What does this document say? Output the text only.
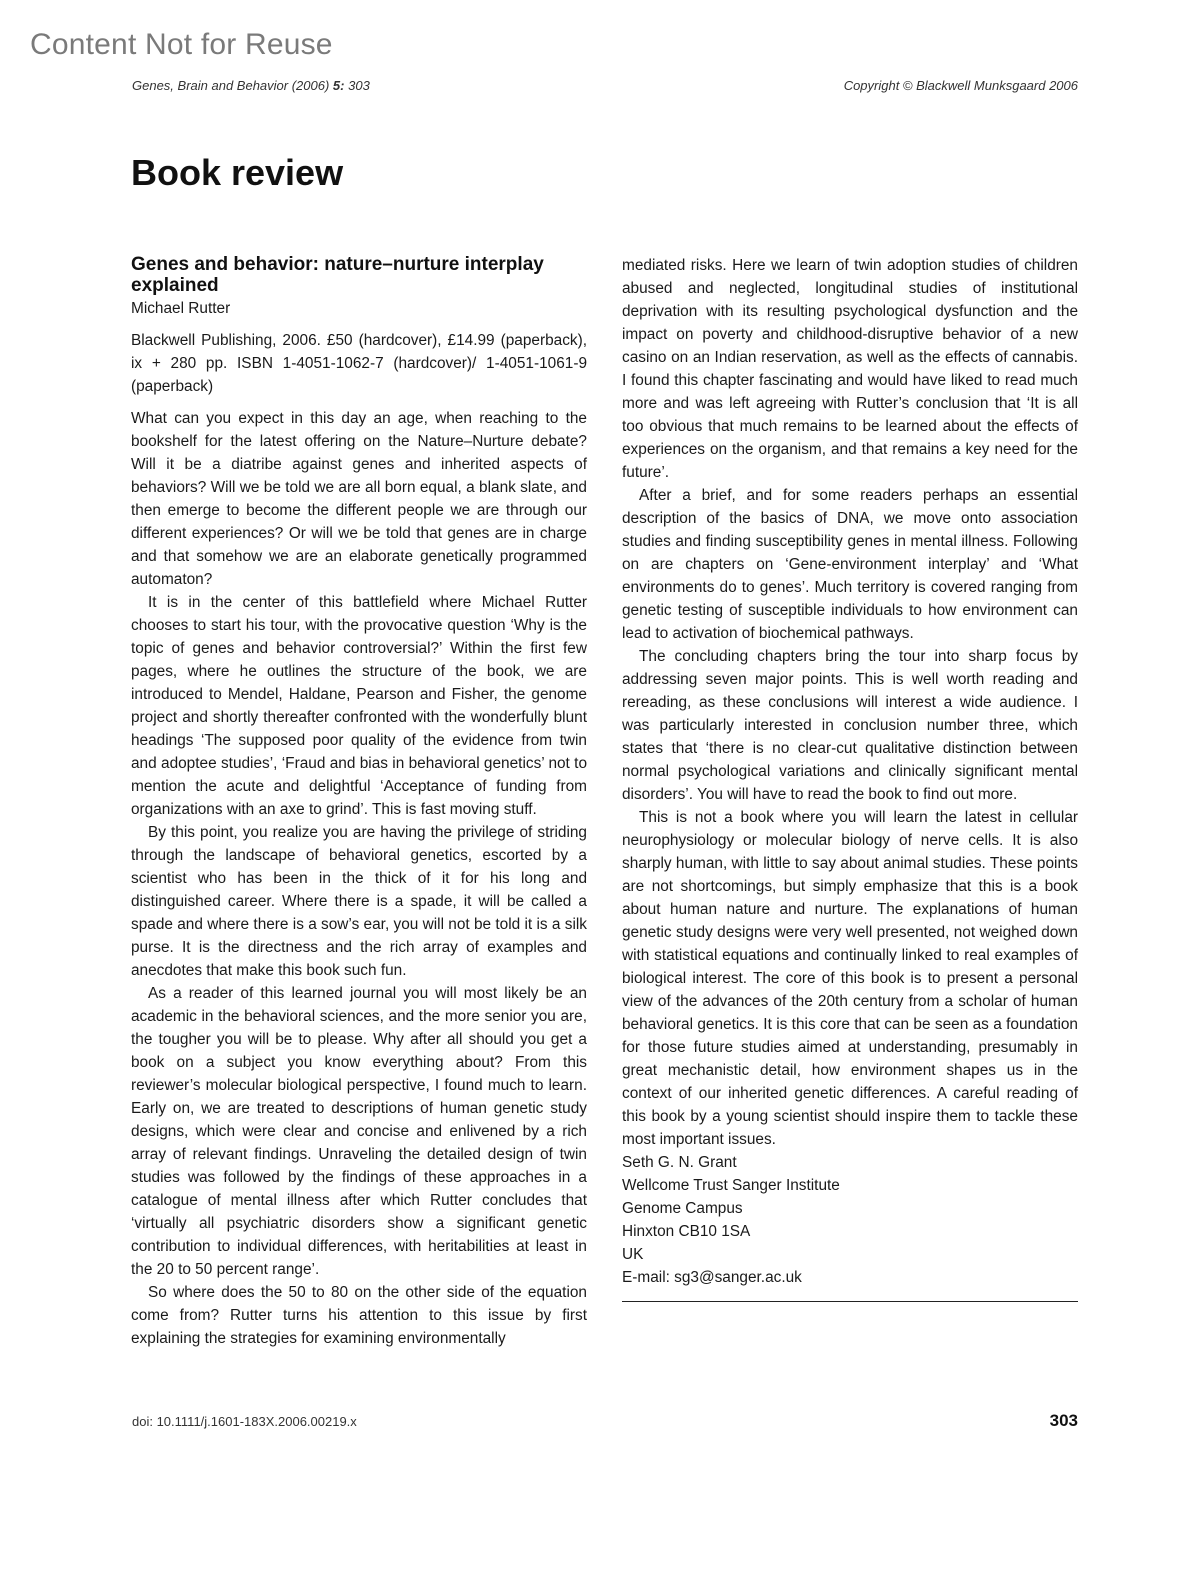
Content Not for Reuse
Genes, Brain and Behavior (2006) 5: 303	Copyright © Blackwell Munksgaard 2006
Book review
Genes and behavior: nature–nurture interplay explained
Michael Rutter

Blackwell Publishing, 2006. £50 (hardcover), £14.99 (paperback), ix + 280 pp. ISBN 1-4051-1062-7 (hardcover)/ 1-4051-1061-9 (paperback)

What can you expect in this day an age, when reaching to the bookshelf for the latest offering on the Nature–Nurture debate? Will it be a diatribe against genes and inherited aspects of behaviors? Will we be told we are all born equal, a blank slate, and then emerge to become the different people we are through our different experiences? Or will we be told that genes are in charge and that somehow we are an elaborate genetically programmed automaton?

It is in the center of this battlefield where Michael Rutter chooses to start his tour, with the provocative question ‘Why is the topic of genes and behavior controversial?’ Within the first few pages, where he outlines the structure of the book, we are introduced to Mendel, Haldane, Pearson and Fisher, the genome project and shortly thereafter confronted with the wonderfully blunt headings ‘The supposed poor quality of the evidence from twin and adoptee studies’, ‘Fraud and bias in behavioral genetics’ not to mention the acute and delightful ‘Acceptance of funding from organizations with an axe to grind’. This is fast moving stuff.

By this point, you realize you are having the privilege of striding through the landscape of behavioral genetics, escorted by a scientist who has been in the thick of it for his long and distinguished career. Where there is a spade, it will be called a spade and where there is a sow’s ear, you will not be told it is a silk purse. It is the directness and the rich array of examples and anecdotes that make this book such fun.

As a reader of this learned journal you will most likely be an academic in the behavioral sciences, and the more senior you are, the tougher you will be to please. Why after all should you get a book on a subject you know everything about? From this reviewer’s molecular biological perspective, I found much to learn. Early on, we are treated to descriptions of human genetic study designs, which were clear and concise and enlivened by a rich array of relevant findings. Unraveling the detailed design of twin studies was followed by the findings of these approaches in a catalogue of mental illness after which Rutter concludes that ‘virtually all psychiatric disorders show a significant genetic contribution to individual differences, with heritabilities at least in the 20 to 50 percent range’.

So where does the 50 to 80 on the other side of the equation come from? Rutter turns his attention to this issue by first explaining the strategies for examining environmentally

mediated risks. Here we learn of twin adoption studies of children abused and neglected, longitudinal studies of institutional deprivation with its resulting psychological dysfunction and the impact on poverty and childhood-disruptive behavior of a new casino on an Indian reservation, as well as the effects of cannabis. I found this chapter fascinating and would have liked to read much more and was left agreeing with Rutter’s conclusion that ‘It is all too obvious that much remains to be learned about the effects of experiences on the organism, and that remains a key need for the future’.

After a brief, and for some readers perhaps an essential description of the basics of DNA, we move onto association studies and finding susceptibility genes in mental illness. Following on are chapters on ‘Gene-environment interplay’ and ‘What environments do to genes’. Much territory is covered ranging from genetic testing of susceptible individuals to how environment can lead to activation of biochemical pathways.

The concluding chapters bring the tour into sharp focus by addressing seven major points. This is well worth reading and rereading, as these conclusions will interest a wide audience. I was particularly interested in conclusion number three, which states that ‘there is no clear-cut qualitative distinction between normal psychological variations and clinically significant mental disorders’. You will have to read the book to find out more.

This is not a book where you will learn the latest in cellular neurophysiology or molecular biology of nerve cells. It is also sharply human, with little to say about animal studies. These points are not shortcomings, but simply emphasize that this is a book about human nature and nurture. The explanations of human genetic study designs were very well presented, not weighed down with statistical equations and continually linked to real examples of biological interest. The core of this book is to present a personal view of the advances of the 20th century from a scholar of human behavioral genetics. It is this core that can be seen as a foundation for those future studies aimed at understanding, presumably in great mechanistic detail, how environment shapes us in the context of our inherited genetic differences. A careful reading of this book by a young scientist should inspire them to tackle these most important issues.

Seth G. N. Grant
Wellcome Trust Sanger Institute
Genome Campus
Hinxton CB10 1SA
UK
E-mail: sg3@sanger.ac.uk
doi: 10.1111/j.1601-183X.2006.00219.x	303
